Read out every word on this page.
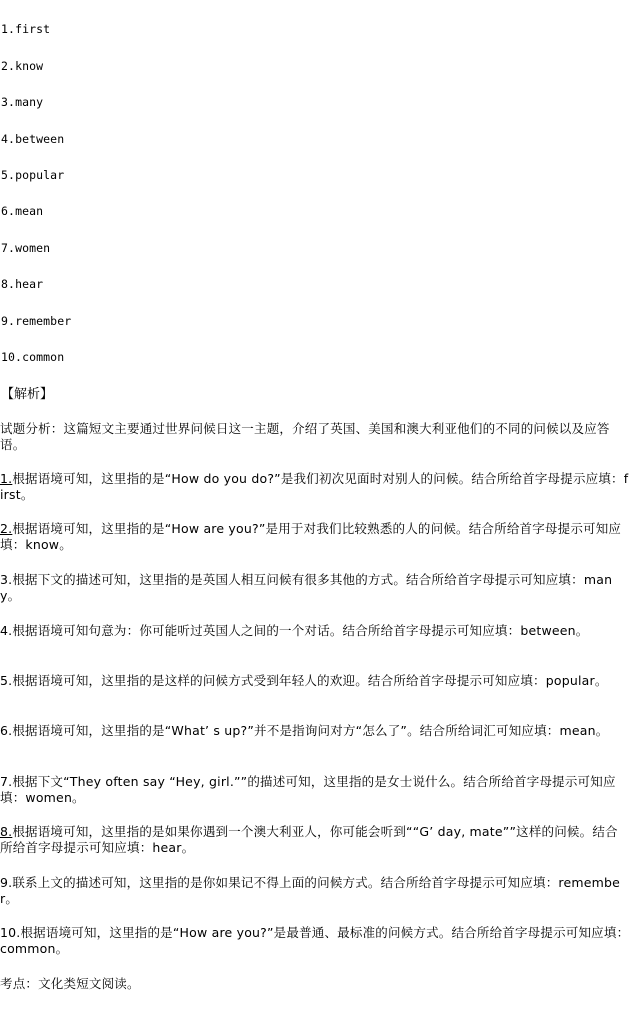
1.first
2.know
3.many
4.between
5.popular
6.mean
7.women
8.hear
9.remember
10.common
【解析】
试题分析：这篇短文主要通过世界问候日这一主题，介绍了英国、美国和澳大利亚他们的不同的问候以及应答语。
1.根据语境可知，这里指的是“How do you do?”是我们初次见面时对别人的问候。结合所给首字母提示应填：first。
2.根据语境可知，这里指的是“How are you?”是用于对我们比较熟悉的人的问候。结合所给首字母提示可知应填：know。
3.根据下文的描述可知，这里指的是英国人相互问候有很多其他的方式。结合所给首字母提示可知应填：many。
4.根据语境可知句意为：你可能听过英国人之间的一个对话。结合所给首字母提示可知应填：between。
5.根据语境可知，这里指的是这样的问候方式受到年轻人的欢迎。结合所给首字母提示可知应填：popular。
6.根据语境可知，这里指的是“What’ s up?”并不是指询问对方“怎么了”。结合所给词汇可知应填：mean。
7.根据下文“They often say “Hey, girl.””的描述可知，这里指的是女士说什么。结合所给首字母提示可知应填：women。
8.根据语境可知，这里指的是如果你遇到一个澳大利亚人，你可能会听到““G’ day, mate””这样的问候。结合所给首字母提示可知应填：hear。
9.联系上文的描述可知，这里指的是你如果记不得上面的问候方式。结合所给首字母提示可知应填：remember。
10.根据语境可知，这里指的是“How are you?”是最普通、最标准的问候方式。结合所给首字母提示可知应填：common。
考点：文化类短文阅读。
